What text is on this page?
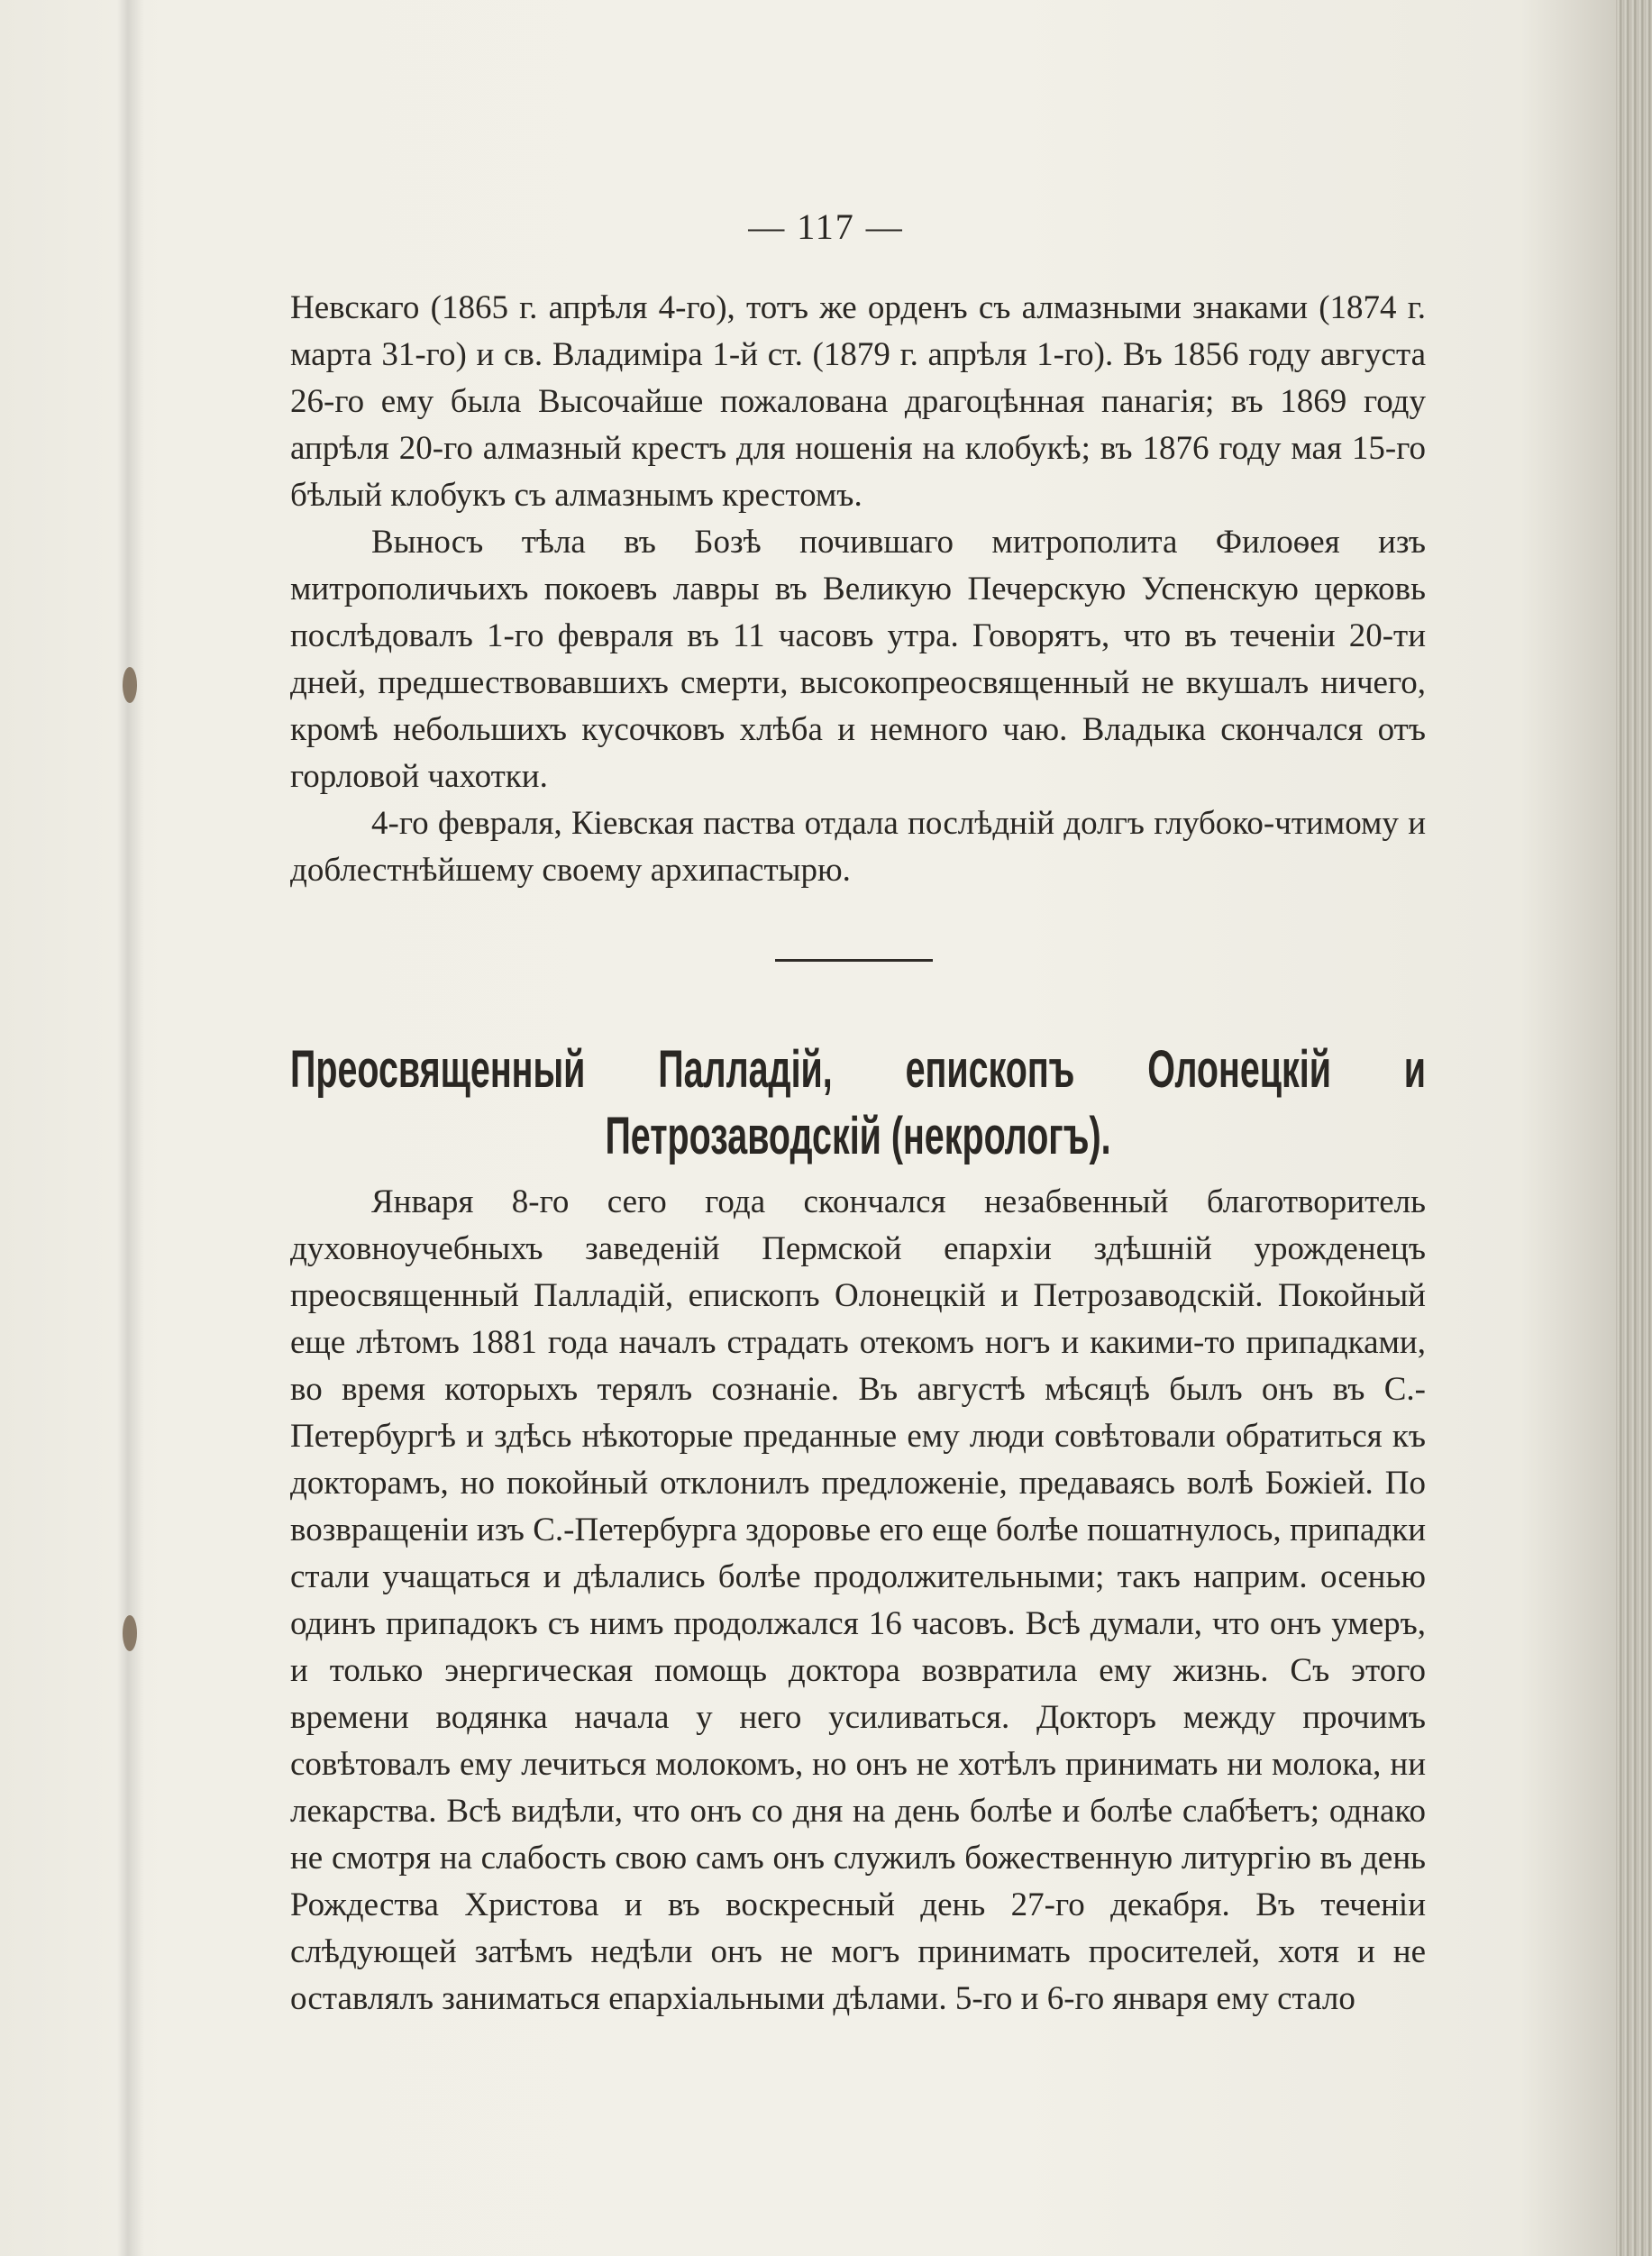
— 117 —

Невскаго (1865 г. апрѣля 4-го), тотъ же орденъ съ алмазными знаками (1874 г. марта 31-го) и св. Владиміра 1-й ст. (1879 г. апрѣля 1-го). Въ 1856 году августа 26-го ему была Высочайше пожалована драгоцѣнная панагія; въ 1869 году апрѣля 20-го алмазный крестъ для ношенія на клобукѣ; въ 1876 году мая 15-го бѣлый клобукъ съ алмазнымъ крестомъ.

Выносъ тѣла въ Бозѣ почившаго митрополита Филоѳея изъ митрополичьихъ покоевъ лавры въ Великую Печерскую Успенскую церковь послѣдовалъ 1-го февраля въ 11 часовъ утра. Говорятъ, что въ теченіи 20-ти дней, предшествовавшихъ смерти, высокопреосвященный не вкушалъ ничего, кромѣ небольшихъ кусочковъ хлѣба и немного чаю. Владыка скончался отъ горловой чахотки.

4-го февраля, Кіевская паства отдала послѣдній долгъ глубоко-чтимому и доблестнѣйшему своему архипастырю.

Преосвященный Палладій, епископъ Олонецкій и Петрозаводскій (некрологъ).

Января 8-го сего года скончался незабвенный благотворитель духовноучебныхъ заведеній Пермской епархіи здѣшній урожденецъ преосвященный Палладій, епископъ Олонецкій и Петрозаводскій. Покойный еще лѣтомъ 1881 года началъ страдать отекомъ ногъ и какими-то припадками, во время которыхъ терялъ сознаніе. Въ августѣ мѣсяцѣ былъ онъ въ С.-Петербургѣ и здѣсь нѣкоторые преданные ему люди совѣтовали обратиться къ докторамъ, но покойный отклонилъ предложеніе, предаваясь волѣ Божіей. По возвращеніи изъ С.-Петербурга здоровье его еще болѣе пошатнулось, припадки стали учащаться и дѣлались болѣе продолжительными; такъ наприм. осенью одинъ припадокъ съ нимъ продолжался 16 часовъ. Всѣ думали, что онъ умеръ, и только энергическая помощь доктора возвратила ему жизнь. Съ этого времени водянка начала у него усиливаться. Докторъ между прочимъ совѣтовалъ ему лечиться молокомъ, но онъ не хотѣлъ принимать ни молока, ни лекарства. Всѣ видѣли, что онъ со дня на день болѣе и болѣе слабѣетъ; однако не смотря на слабость свою самъ онъ служилъ божественную литургію въ день Рождества Христова и въ воскресный день 27-го декабря. Въ теченіи слѣдующей затѣмъ недѣли онъ не могъ принимать просителей, хотя и не оставлялъ заниматься епархіальными дѣлами. 5-го и 6-го января ему стало
